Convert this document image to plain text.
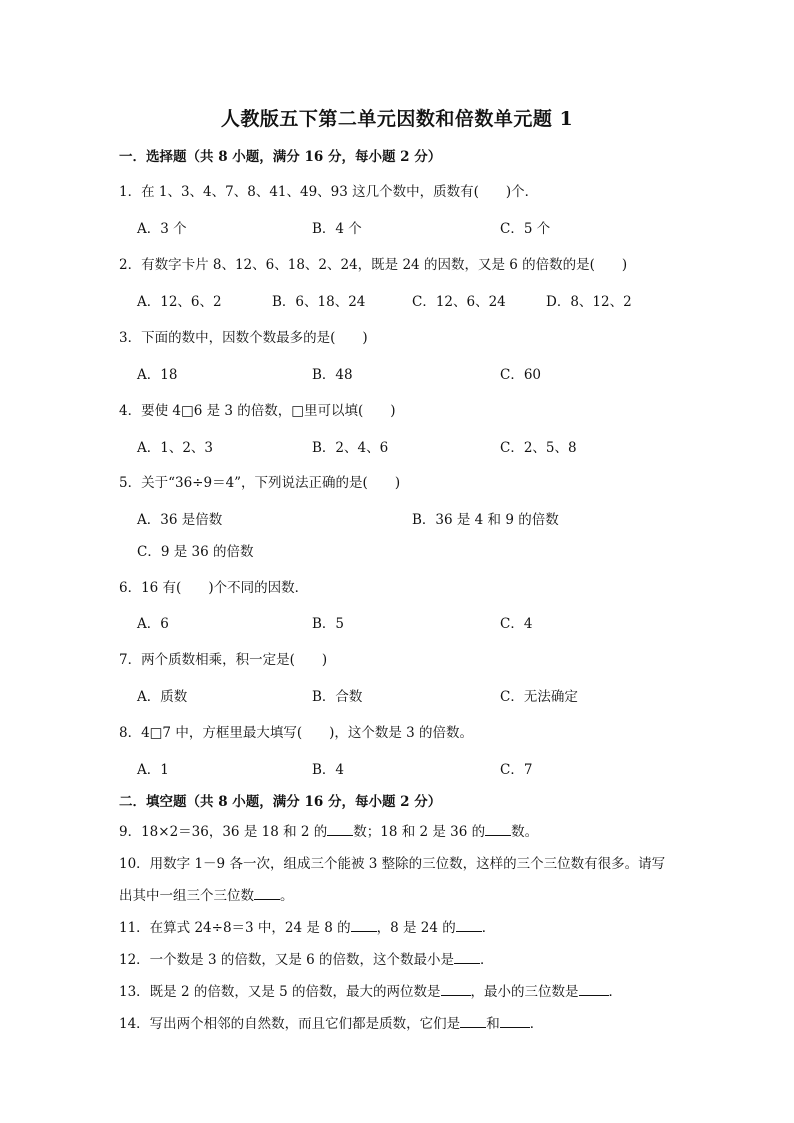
人教版五下第二单元因数和倍数单元题 1
一．选择题（共 8 小题，满分 16 分，每小题 2 分）
1．在 1、3、4、7、8、41、49、93 这几个数中，质数有(　　)个．
A．3 个	B．4 个	C．5 个
2．有数字卡片 8、12、6、18、2、24，既是 24 的因数，又是 6 的倍数的是(　　)
A．12、6、2	B．6、18、24	C．12、6、24	D．8、12、2
3．下面的数中，因数个数最多的是(　　)
A．18	B．48	C．60
4．要使 4□6 是 3 的倍数，□里可以填(　　)
A．1、2、3	B．2、4、6	C．2、5、8
5．关于“36÷9＝4”，下列说法正确的是(　　)
A．36 是倍数	B．36 是 4 和 9 的倍数
C．9 是 36 的倍数
6．16 有(　　)个不同的因数．
A．6	B．5	C．4
7．两个质数相乘，积一定是(　　)
A．质数	B．合数	C．无法确定
8．4□7 中，方框里最大填写(　　)，这个数是 3 的倍数。
A．1	B．4	C．7
二．填空题（共 8 小题，满分 16 分，每小题 2 分）
9．18×2＝36，36 是 18 和 2 的 数；18 和 2 是 36 的 数。
10．用数字 1－9 各一次，组成三个能被 3 整除的三位数，这样的三个三位数有很多。请写
出其中一组三个三位数 。
11．在算式 24÷8＝3 中，24 是 8 的 ，8 是 24 的 ．
12．一个数是 3 的倍数，又是 6 的倍数，这个数最小是 ．
13．既是 2 的倍数，又是 5 的倍数，最大的两位数是 ，最小的三位数是 ．
14．写出两个相邻的自然数，而且它们都是质数，它们是 和 ．
